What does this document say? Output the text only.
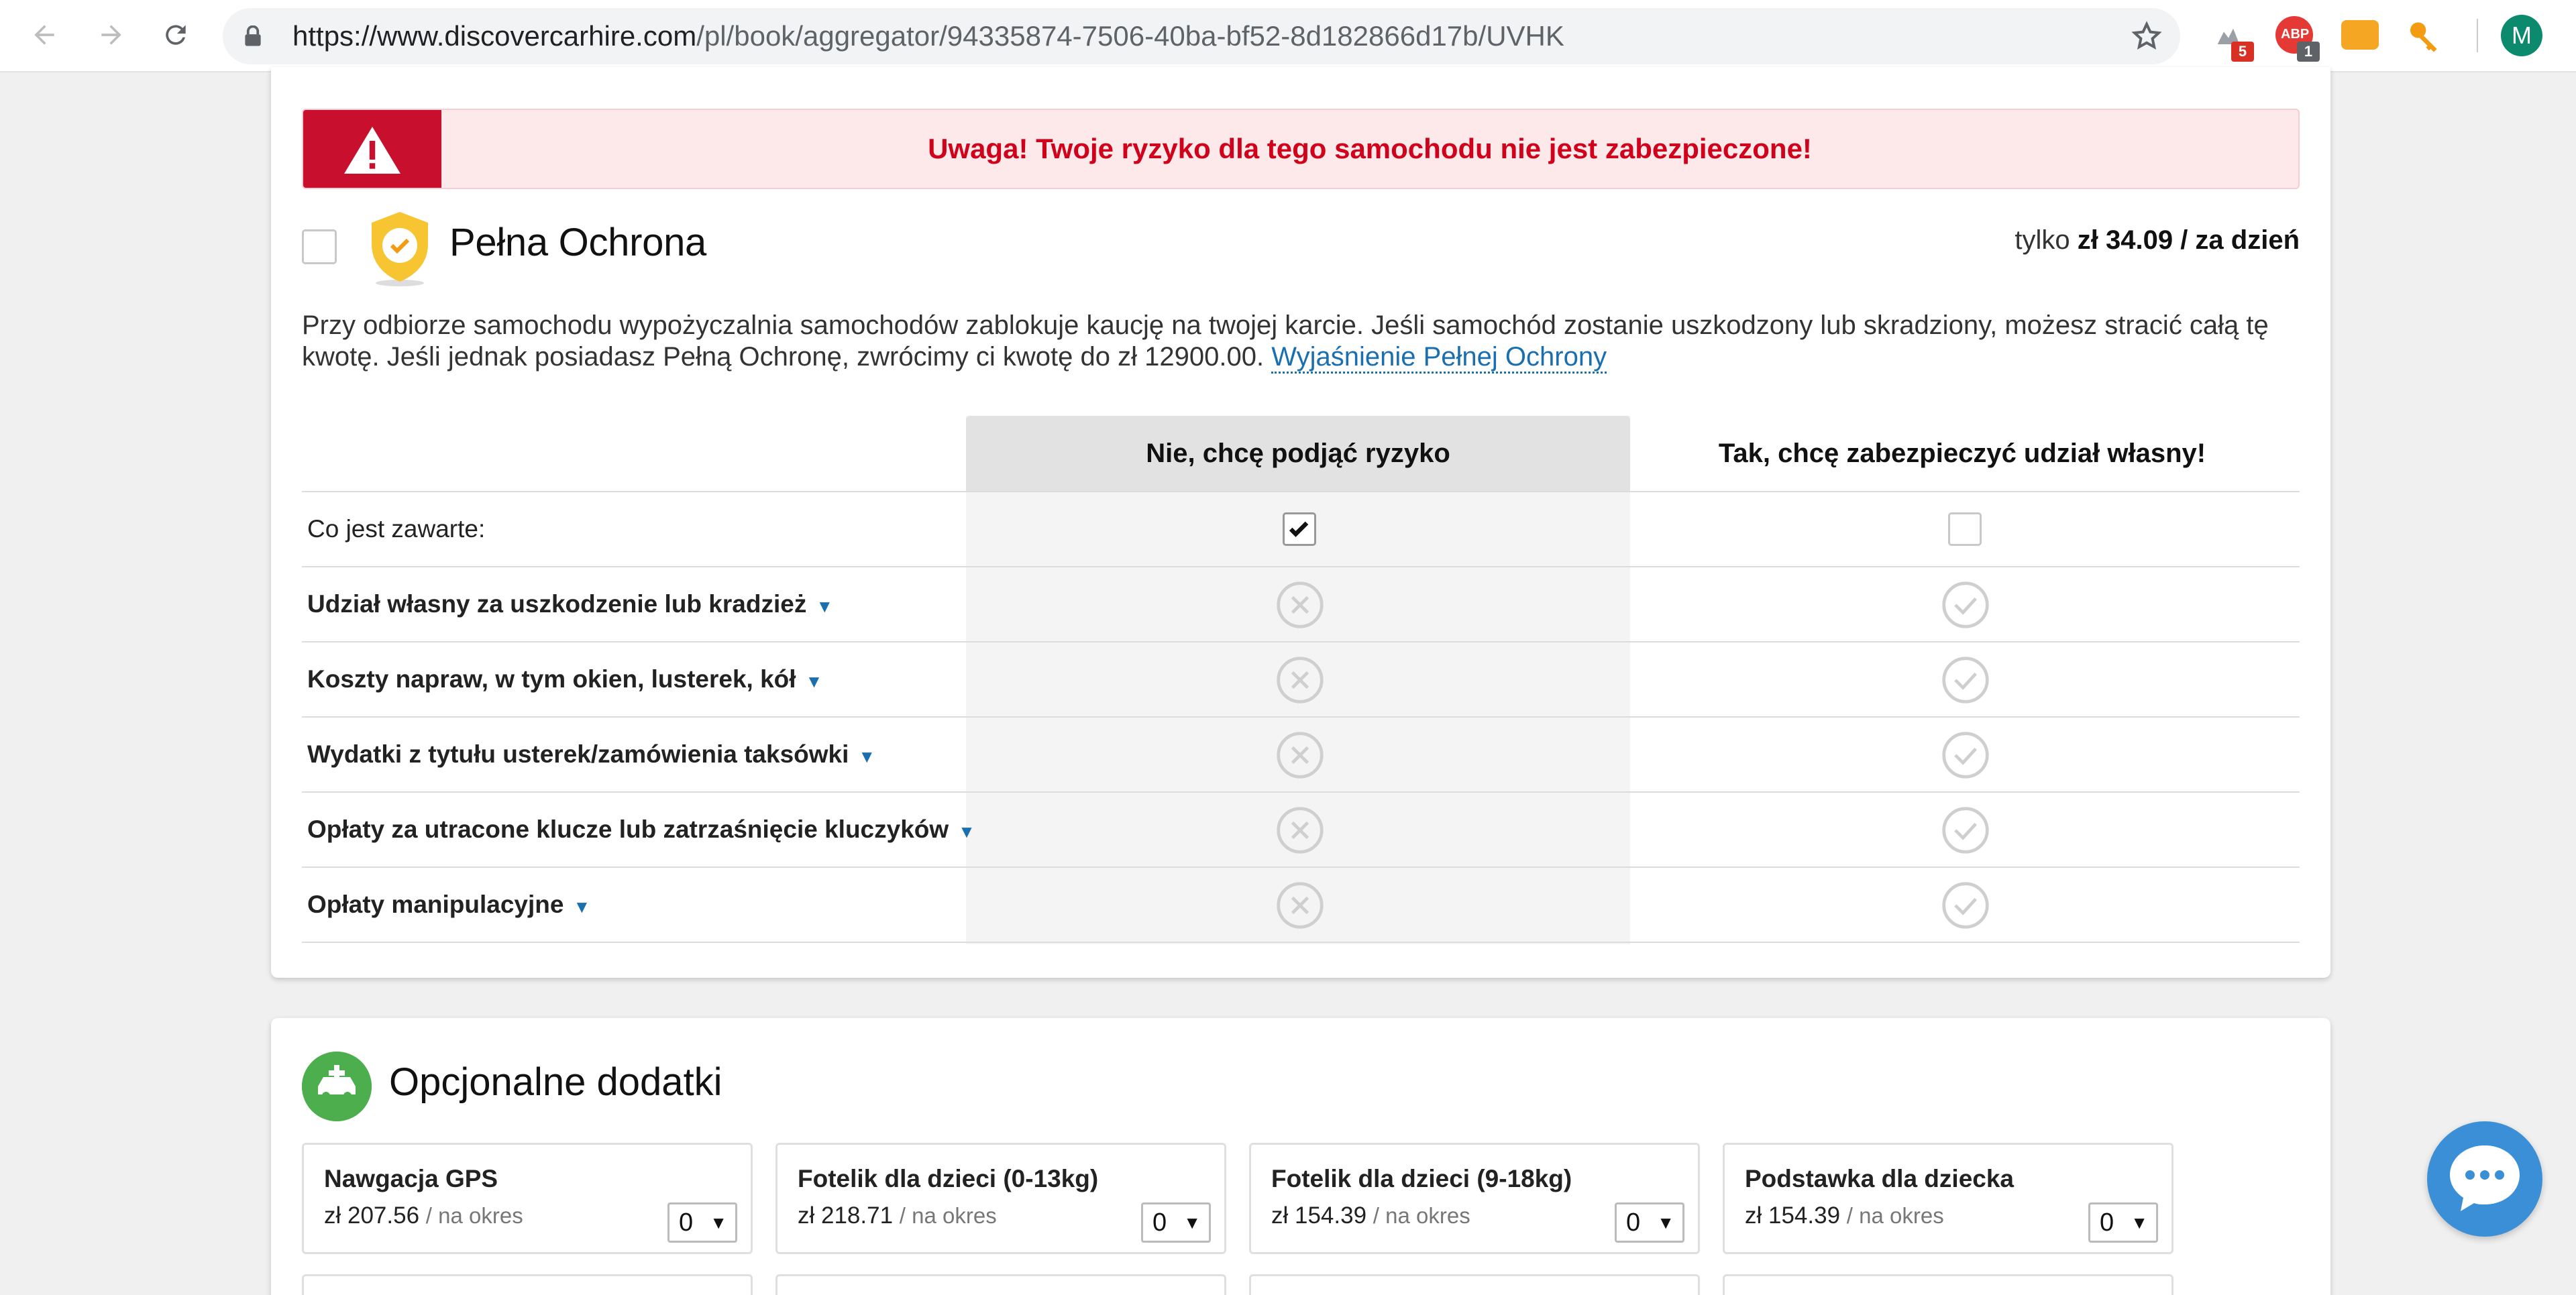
https://www.discovercarhire.com/pl/book/aggregator/94335874-7506-40ba-bf52-8d182866d17b/UVHK	5
ABP
1
M
Uwaga! Twoje ryzyko dla tego samochodu nie jest zabezpieczone!
Pełna Ochrona	tylko zł 34.09 / za dzień
Przy odbiorze samochodu wypożyczalnia samochodów zablokuje kaucję na twojej karcie. Jeśli samochód zostanie uszkodzony lub skradziony, możesz stracić całą tę kwotę. Jeśli jednak posiadasz Pełną Ochronę, zwrócimy ci kwotę do zł 12900.00. Wyjaśnienie Pełnej Ochrony
Nie, chcę podjąć ryzyko	Tak, chcę zabezpieczyć udział własny!
Co jest zawarte:
Udział własny za uszkodzenie lub kradzież ▼
Koszty napraw, w tym okien, lusterek, kół ▼
Wydatki z tytułu usterek/zamówienia taksówki ▼
Opłaty za utracone klucze lub zatrzaśnięcie kluczyków ▼
Opłaty manipulacyjne ▼
Opcjonalne dodatki
Nawgacja GPS
zł 207.56 / na okres	0 ▼
Fotelik dla dzieci (0-13kg)
zł 218.71 / na okres	0 ▼
Fotelik dla dzieci (9-18kg)
zł 154.39 / na okres	0 ▼
Podstawka dla dziecka
zł 154.39 / na okres	0 ▼
